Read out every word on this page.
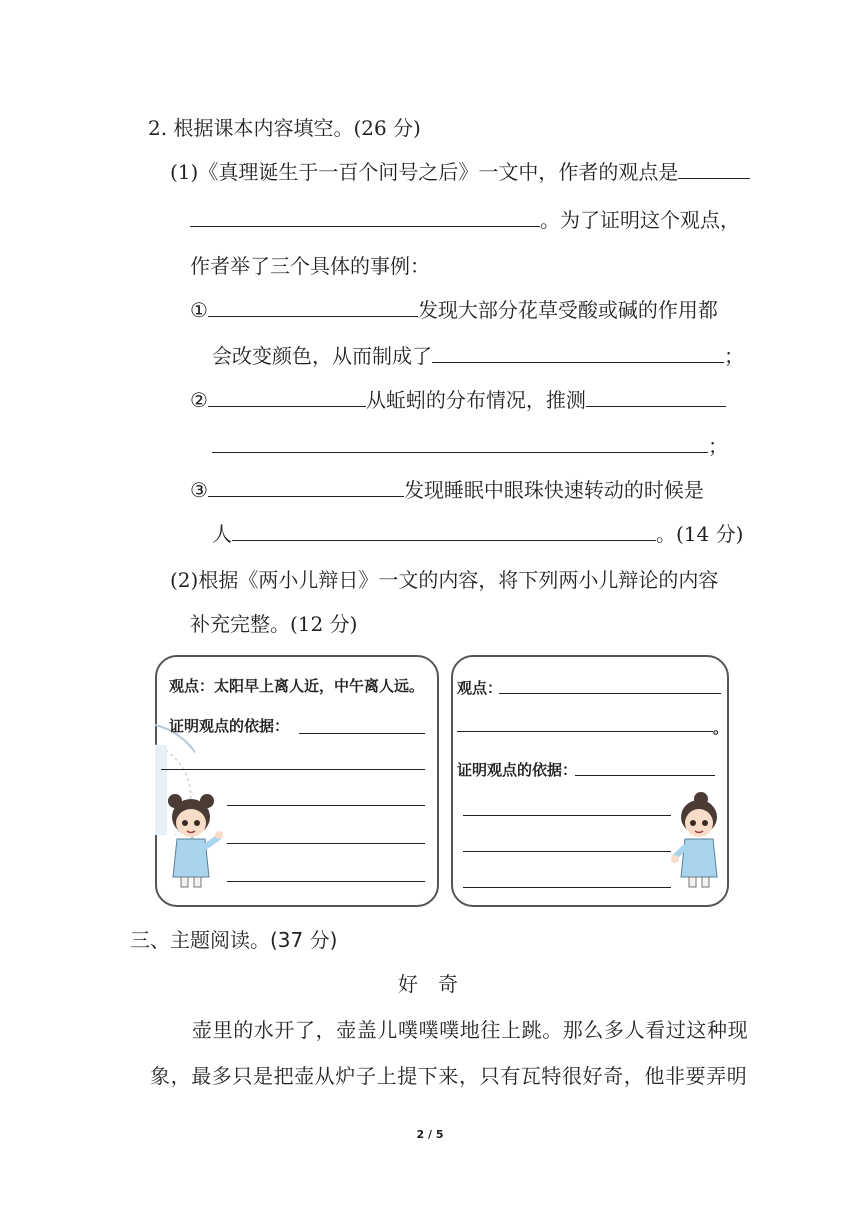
2. 根据课本内容填空。(26 分)
(1)《真理诞生于一百个问号之后》一文中，作者的观点是
。为了证明这个观点，
作者举了三个具体的事例：
①	发现大部分花草受酸或碱的作用都
会改变颜色，从而制成了	；
②	从蚯蚓的分布情况，推测
；
③	发现睡眠中眼珠快速转动的时候是
人	。(14 分)
(2)根据《两小儿辩日》一文的内容，将下列两小儿辩论的内容
补充完整。(12 分)
观点：太阳早上离人近，中午离人远。
证明观点的依据：
观点：
。
证明观点的依据：
三、主题阅读。(37 分)
好　奇
壶里的水开了，壶盖儿噗噗噗地往上跳。那么多人看过这种现
象，最多只是把壶从炉子上提下来，只有瓦特很好奇，他非要弄明
2 / 5
